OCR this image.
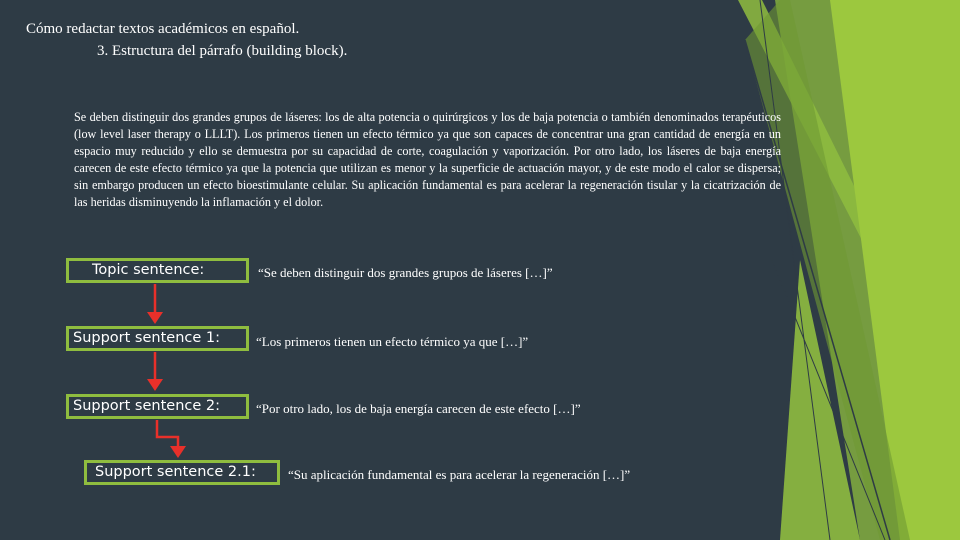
Cómo redactar textos académicos en español.
3. Estructura del párrafo (building block).
Se deben distinguir dos grandes grupos de láseres: los de alta potencia o quirúrgicos y los de baja potencia o también denominados terapéuticos (low level laser therapy o LLLT). Los primeros tienen un efecto térmico ya que son capaces de concentrar una gran cantidad de energía en un espacio muy reducido y ello se demuestra por su capacidad de corte, coagulación y vaporización. Por otro lado, los láseres de baja energía carecen de este efecto térmico ya que la potencia que utilizan es menor y la superficie de actuación mayor, y de este modo el calor se dispersa; sin embargo producen un efecto bioestimulante celular. Su aplicación fundamental es para acelerar la regeneración tisular y la cicatrización de las heridas disminuyendo la inflamación y el dolor.
Topic sentence:	“Se deben distinguir dos grandes grupos de láseres […]”
Support sentence 1:	“Los primeros tienen un efecto térmico ya que […]”
Support sentence 2:	“Por otro lado, los de baja energía carecen de este efecto […]”
Support sentence 2.1:	“Su aplicación fundamental es para acelerar la regeneración […]”
